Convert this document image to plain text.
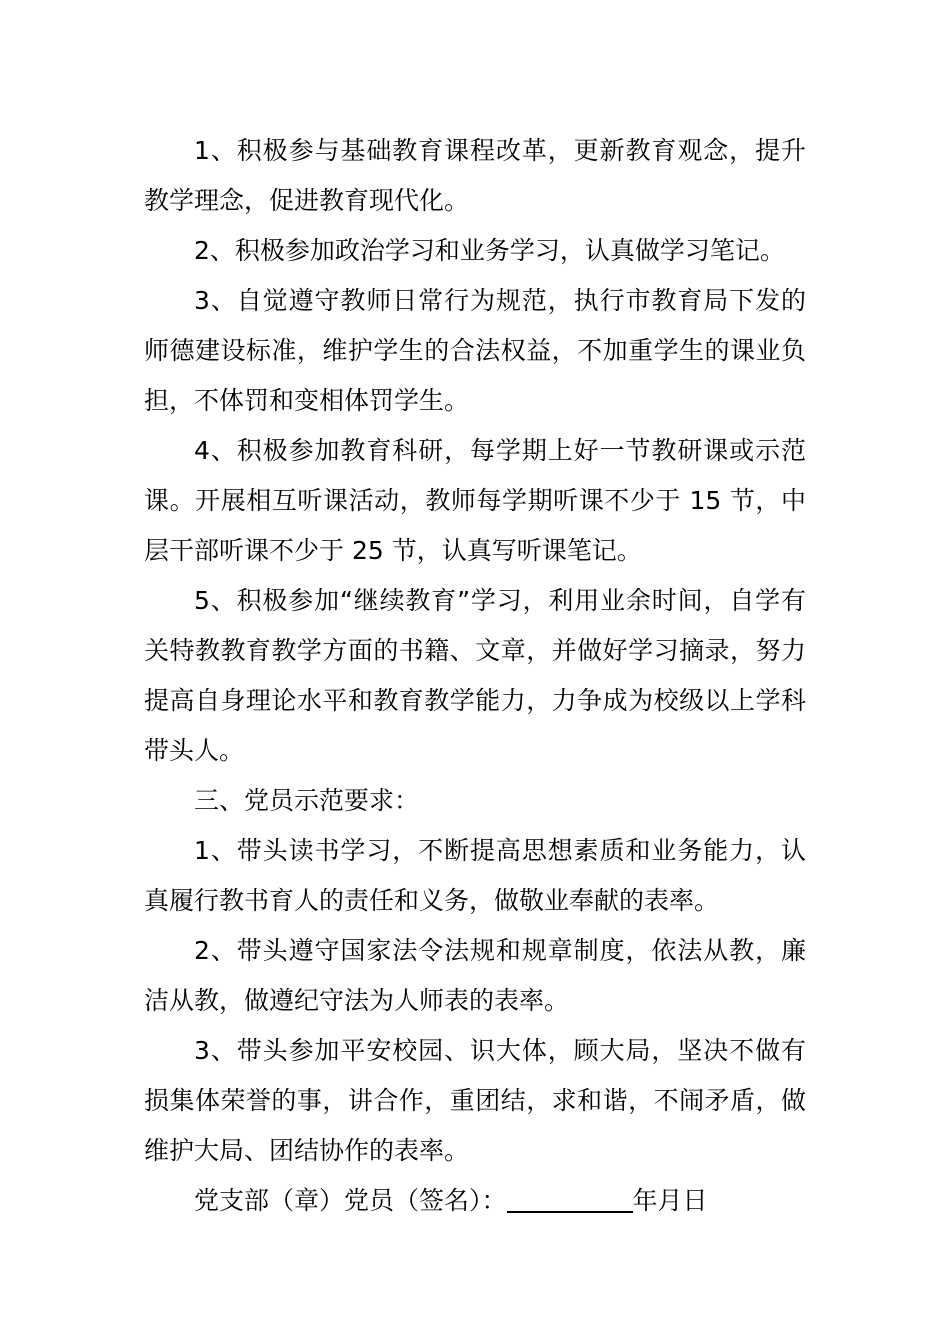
1、积极参与基础教育课程改革，更新教育观念，提升教学理念，促进教育现代化。

2、积极参加政治学习和业务学习，认真做学习笔记。

3、自觉遵守教师日常行为规范，执行市教育局下发的师德建设标准，维护学生的合法权益，不加重学生的课业负担，不体罚和变相体罚学生。

4、积极参加教育科研，每学期上好一节教研课或示范课。开展相互听课活动，教师每学期听课不少于 15 节，中层干部听课不少于 25 节，认真写听课笔记。

5、积极参加“继续教育”学习，利用业余时间，自学有关特教教育教学方面的书籍、文章，并做好学习摘录，努力提高自身理论水平和教育教学能力，力争成为校级以上学科带头人。

三、党员示范要求：

1、带头读书学习，不断提高思想素质和业务能力，认真履行教书育人的责任和义务，做敬业奉献的表率。

2、带头遵守国家法令法规和规章制度，依法从教，廉洁从教，做遵纪守法为人师表的表率。

3、带头参加平安校园、识大体，顾大局，坚决不做有损集体荣誉的事，讲合作，重团结，求和谐，不闹矛盾，做维护大局、团结协作的表率。

党支部（章）党员（签名）：	年月日
